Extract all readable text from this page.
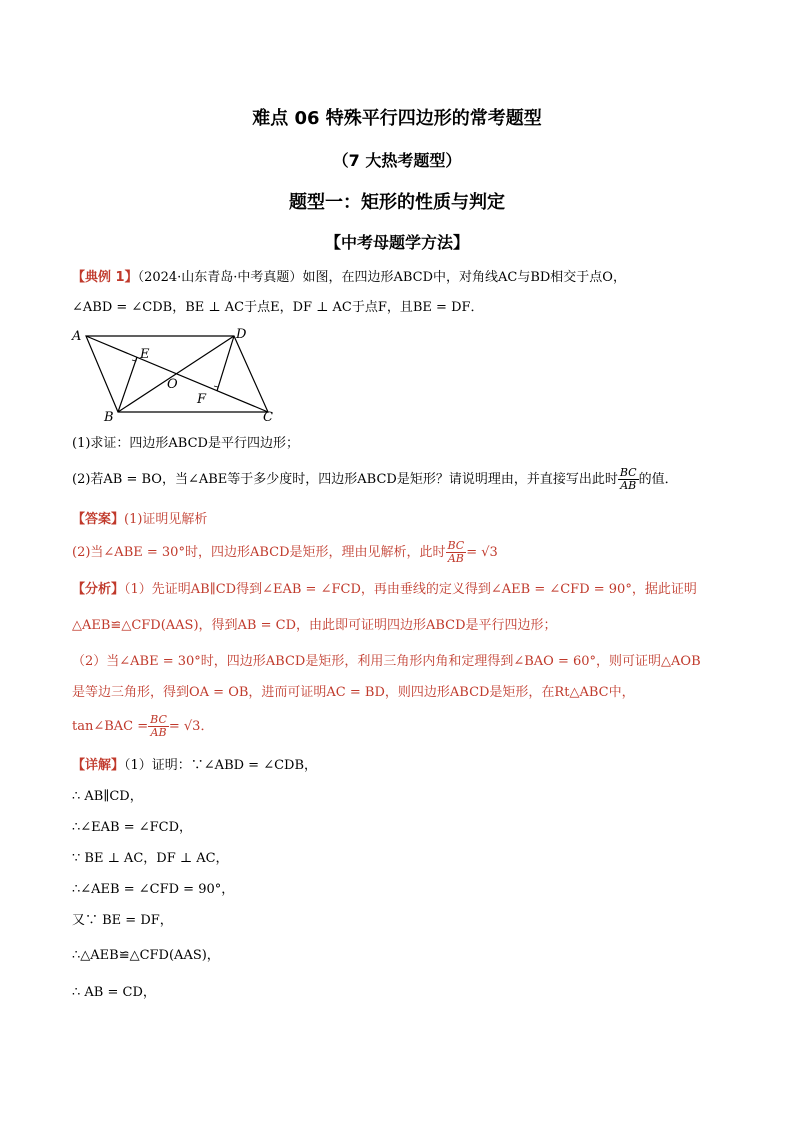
难点 06 特殊平行四边形的常考题型
（7 大热考题型）
题型一：矩形的性质与判定
【中考母题学方法】
【典例 1】（2024·山东青岛·中考真题）如图，在四边形ABCD中，对角线AC与BD相交于点O，
∠ABD = ∠CDB，BE ⊥ AC于点E，DF ⊥ AC于点F，且BE = DF．
A	D
E
O
F
B	C
(1)求证：四边形ABCD是平行四边形；
(2)若AB = BO，当∠ABE等于多少度时，四边形ABCD是矩形？请说明理由，并直接写出此时 $\frac{BC}{AB}$ 的值．
【答案】(1)证明见解析
(2)当∠ABE = 30°时，四边形ABCD是矩形，理由见解析，此时 $\frac{BC}{AB} = √3$
【分析】（1）先证明AB∥CD得到∠EAB = ∠FCD，再由垂线的定义得到∠AEB = ∠CFD = 90°，据此证明
△AEB≌△CFD(AAS)，得到AB = CD，由此即可证明四边形ABCD是平行四边形；
（2）当∠ABE = 30°时，四边形ABCD是矩形，利用三角形内角和定理得到∠BAO = 60°，则可证明△AOB
是等边三角形，得到OA = OB，进而可证明AC = BD，则四边形ABCD是矩形，在Rt△ABC中，
tan∠BAC = $\frac{BC}{AB} = √3$．
【详解】（1）证明：∵∠ABD = ∠CDB，
∴ AB∥CD，
∴∠EAB = ∠FCD，
∵ BE ⊥ AC，DF ⊥ AC，
∴∠AEB = ∠CFD = 90°，
又∵ BE = DF，
∴△AEB≌△CFD(AAS)，
∴ AB = CD，
